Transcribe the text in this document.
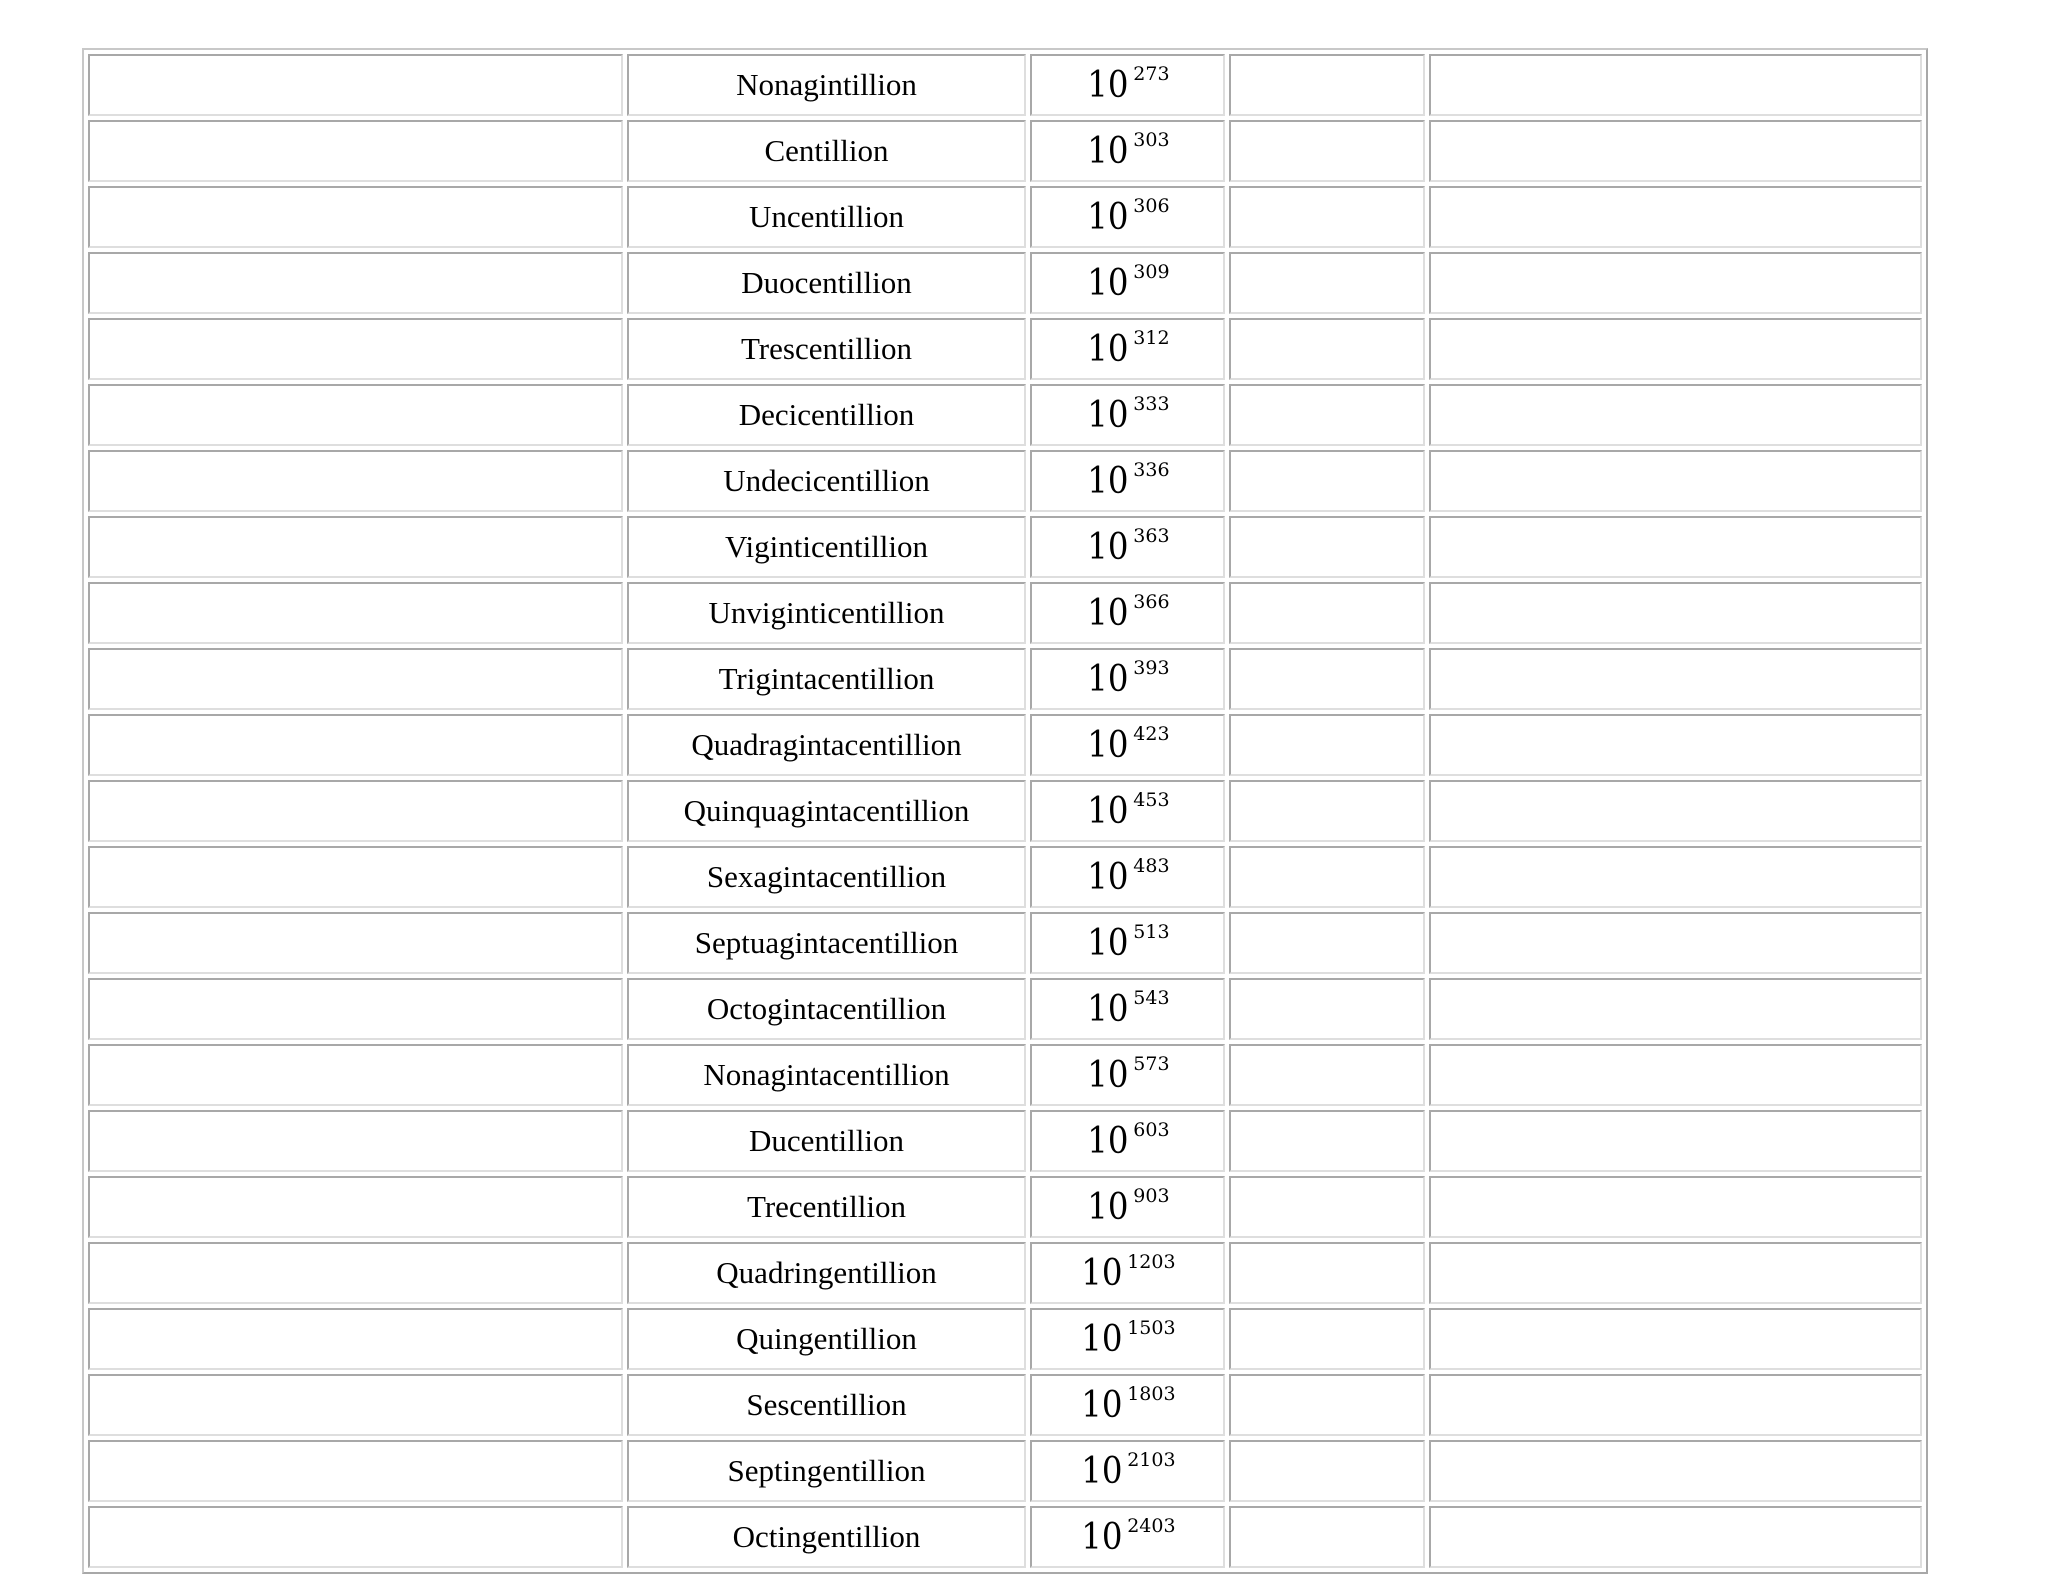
	Nonagintillion	10 $^{273}$		
	Centillion	10 $^{303}$		
	Uncentillion	10 $^{306}$		
	Duocentillion	10 $^{309}$		
	Trescentillion	10 $^{312}$		
	Decicentillion	10 $^{333}$		
	Undecicentillion	10 $^{336}$		
	Viginticentillion	10 $^{363}$		
	Unviginticentillion	10 $^{366}$		
	Trigintacentillion	10 $^{393}$		
	Quadragintacentillion	10 $^{423}$		
	Quinquagintacentillion	10 $^{453}$		
	Sexagintacentillion	10 $^{483}$		
	Septuagintacentillion	10 $^{513}$		
	Octogintacentillion	10 $^{543}$		
	Nonagintacentillion	10 $^{573}$		
	Ducentillion	10 $^{603}$		
	Trecentillion	10 $^{903}$		
	Quadringentillion	10 $^{1203}$		
	Quingentillion	10 $^{1503}$		
	Sescentillion	10 $^{1803}$		
	Septingentillion	10 $^{2103}$		
	Octingentillion	10 $^{2403}$		
